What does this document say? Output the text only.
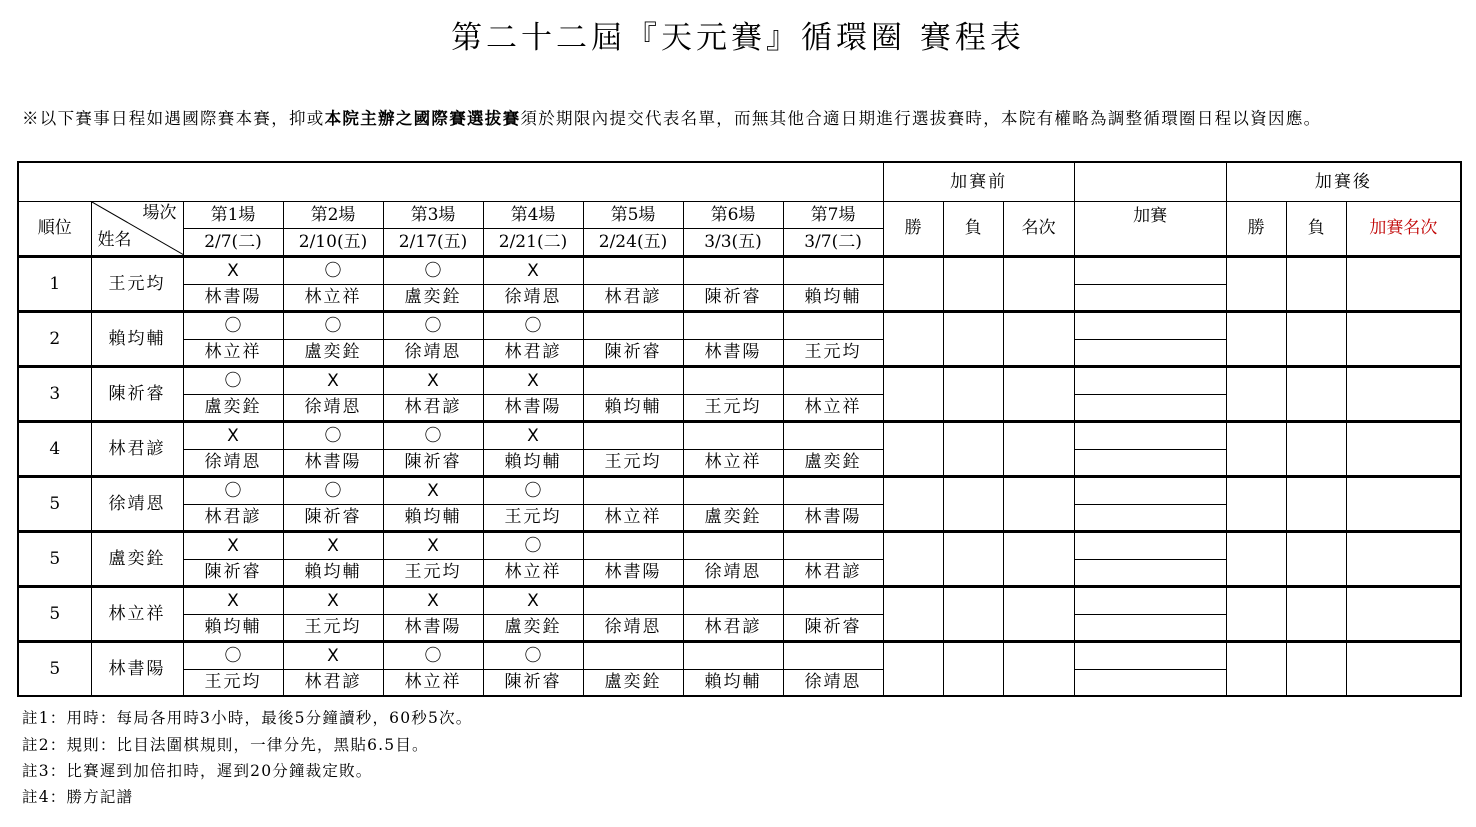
第二十二屆『天元賽』循環圈 賽程表
※以下賽事日程如遇國際賽本賽，抑或本院主辦之國際賽選拔賽須於期限內提交代表名單，而無其他合適日期進行選拔賽時，本院有權略為調整循環圈日程以資因應。
									加賽前				加賽後		
順位	場次
姓名	第1場	第2場	第3場	第4場	第5場	第6場	第7場	勝	負	名次	加賽	勝	負	加賽名次
		2/7(二)	2/10(五)	2/17(五)	2/21(二)	2/24(五)	3/3(五)	3/7(二)							
1	王元均	X	〇	〇	X										
		林書陽	林立祥	盧奕銓	徐靖恩	林君諺	陳祈睿	賴均輔							
2	賴均輔	〇	〇	〇	〇										
		林立祥	盧奕銓	徐靖恩	林君諺	陳祈睿	林書陽	王元均							
3	陳祈睿	〇	X	X	X										
		盧奕銓	徐靖恩	林君諺	林書陽	賴均輔	王元均	林立祥							
4	林君諺	X	〇	〇	X										
		徐靖恩	林書陽	陳祈睿	賴均輔	王元均	林立祥	盧奕銓							
5	徐靖恩	〇	〇	X	〇										
		林君諺	陳祈睿	賴均輔	王元均	林立祥	盧奕銓	林書陽							
5	盧奕銓	X	X	X	〇										
		陳祈睿	賴均輔	王元均	林立祥	林書陽	徐靖恩	林君諺							
5	林立祥	X	X	X	X										
		賴均輔	王元均	林書陽	盧奕銓	徐靖恩	林君諺	陳祈睿							
5	林書陽	〇	X	〇	〇										
		王元均	林君諺	林立祥	陳祈睿	盧奕銓	賴均輔	徐靖恩							
註1：用時：每局各用時3小時，最後5分鐘讀秒，60秒5次。
註2：規則：比目法圍棋規則，一律分先，黑貼6.5目。
註3：比賽遲到加倍扣時，遲到20分鐘裁定敗。
註4：勝方記譜
